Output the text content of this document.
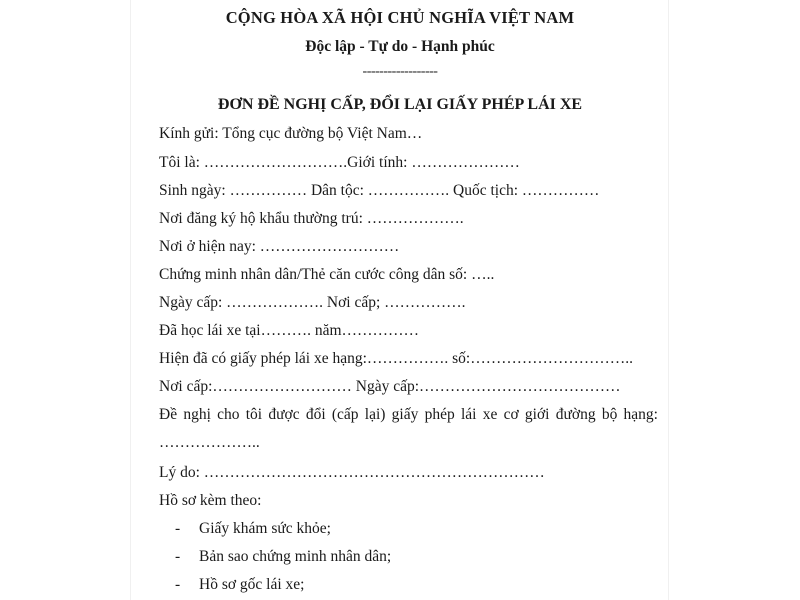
CỘNG HÒA XÃ HỘI CHỦ NGHĨA VIỆT NAM
Độc lập - Tự do - Hạnh phúc
------------------
ĐƠN ĐỀ NGHỊ CẤP, ĐỔI LẠI GIẤY PHÉP LÁI XE
Kính gửi: Tổng cục đường bộ Việt Nam…
Tôi là: ……………………….Giới tính: …………………
Sinh ngày: …………… Dân tộc: ……………. Quốc tịch: ……………
Nơi đăng ký hộ khẩu thường trú: ……………….
Nơi ở hiện nay: ………………………
Chứng minh nhân dân/Thẻ căn cước công dân số: …..
Ngày cấp: ………………. Nơi cấp; …………….
Đã học lái xe tại………. năm……………
Hiện đã có giấy phép lái xe hạng:……………. số:…………………………..
Nơi cấp:……………………… Ngày cấp:…………………………………
Đề nghị cho tôi được đổi (cấp lại) giấy phép lái xe cơ giới đường bộ hạng:
………………..
Lý do: …………………………………………………………
Hồ sơ kèm theo:
- Giấy khám sức khỏe;
- Bản sao chứng minh nhân dân;
- Hồ sơ gốc lái xe;
